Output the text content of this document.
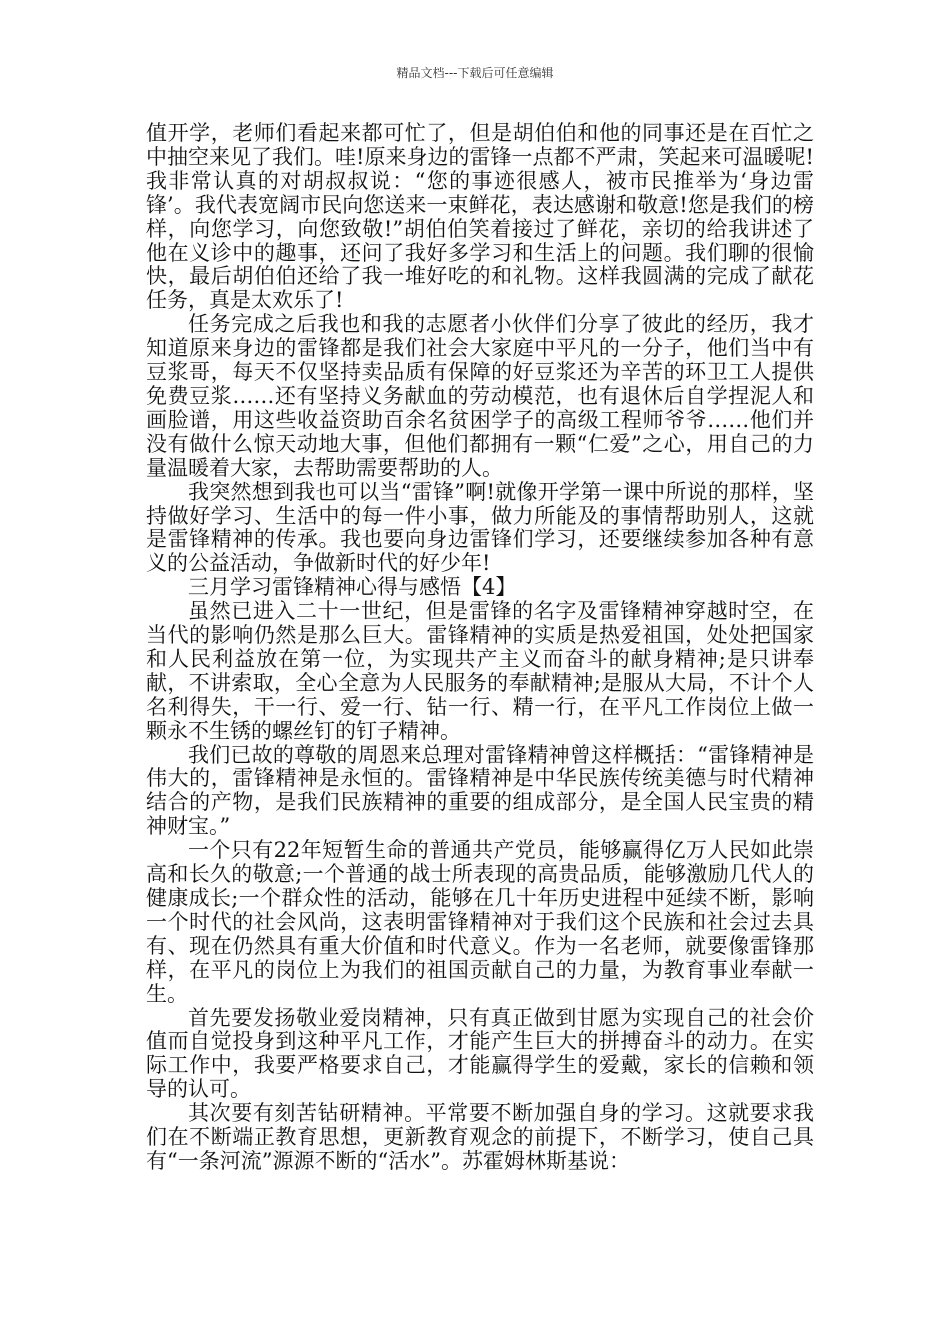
精品文档---下载后可任意编辑

值开学，老师们看起来都可忙了，但是胡伯伯和他的同事还是在百忙之中抽空来见了我们。哇!原来身边的雷锋一点都不严肃，笑起来可温暖呢!我非常认真的对胡叔叔说：“您的事迹很感人，被市民推举为‘身边雷锋’。我代表宽阔市民向您送来一束鲜花，表达感谢和敬意!您是我们的榜样，向您学习，向您致敬!”胡伯伯笑着接过了鲜花，亲切的给我讲述了他在义诊中的趣事，还问了我好多学习和生活上的问题。我们聊的很愉快，最后胡伯伯还给了我一堆好吃的和礼物。这样我圆满的完成了献花任务，真是太欢乐了!

任务完成之后我也和我的志愿者小伙伴们分享了彼此的经历，我才知道原来身边的雷锋都是我们社会大家庭中平凡的一分子，他们当中有豆浆哥，每天不仅坚持卖品质有保障的好豆浆还为辛苦的环卫工人提供免费豆浆……还有坚持义务献血的劳动模范，也有退休后自学捏泥人和画脸谱，用这些收益资助百余名贫困学子的高级工程师爷爷……他们并没有做什么惊天动地大事，但他们都拥有一颗“仁爱”之心，用自己的力量温暖着大家，去帮助需要帮助的人。

我突然想到我也可以当“雷锋”啊!就像开学第一课中所说的那样，坚持做好学习、生活中的每一件小事，做力所能及的事情帮助别人，这就是雷锋精神的传承。我也要向身边雷锋们学习，还要继续参加各种有意义的公益活动，争做新时代的好少年!

三月学习雷锋精神心得与感悟【4】

虽然已进入二十一世纪，但是雷锋的名字及雷锋精神穿越时空，在当代的影响仍然是那么巨大。雷锋精神的实质是热爱祖国，处处把国家和人民利益放在第一位，为实现共产主义而奋斗的献身精神;是只讲奉献，不讲索取，全心全意为人民服务的奉献精神;是服从大局，不计个人名利得失，干一行、爱一行、钻一行、精一行，在平凡工作岗位上做一颗永不生锈的螺丝钉的钉子精神。

我们已故的尊敬的周恩来总理对雷锋精神曾这样概括：“雷锋精神是伟大的，雷锋精神是永恒的。雷锋精神是中华民族传统美德与时代精神结合的产物，是我们民族精神的重要的组成部分，是全国人民宝贵的精神财宝。”

一个只有22年短暂生命的普通共产党员，能够赢得亿万人民如此崇高和长久的敬意;一个普通的战士所表现的高贵品质，能够激励几代人的健康成长;一个群众性的活动，能够在几十年历史进程中延续不断，影响一个时代的社会风尚，这表明雷锋精神对于我们这个民族和社会过去具有、现在仍然具有重大价值和时代意义。作为一名老师，就要像雷锋那样，在平凡的岗位上为我们的祖国贡献自己的力量，为教育事业奉献一生。

首先要发扬敬业爱岗精神，只有真正做到甘愿为实现自己的社会价值而自觉投身到这种平凡工作，才能产生巨大的拼搏奋斗的动力。在实际工作中，我要严格要求自己，才能赢得学生的爱戴，家长的信赖和领导的认可。

其次要有刻苦钻研精神。平常要不断加强自身的学习。这就要求我们在不断端正教育思想，更新教育观念的前提下，不断学习，使自己具有“一条河流”源源不断的“活水”。苏霍姆林斯基说：
